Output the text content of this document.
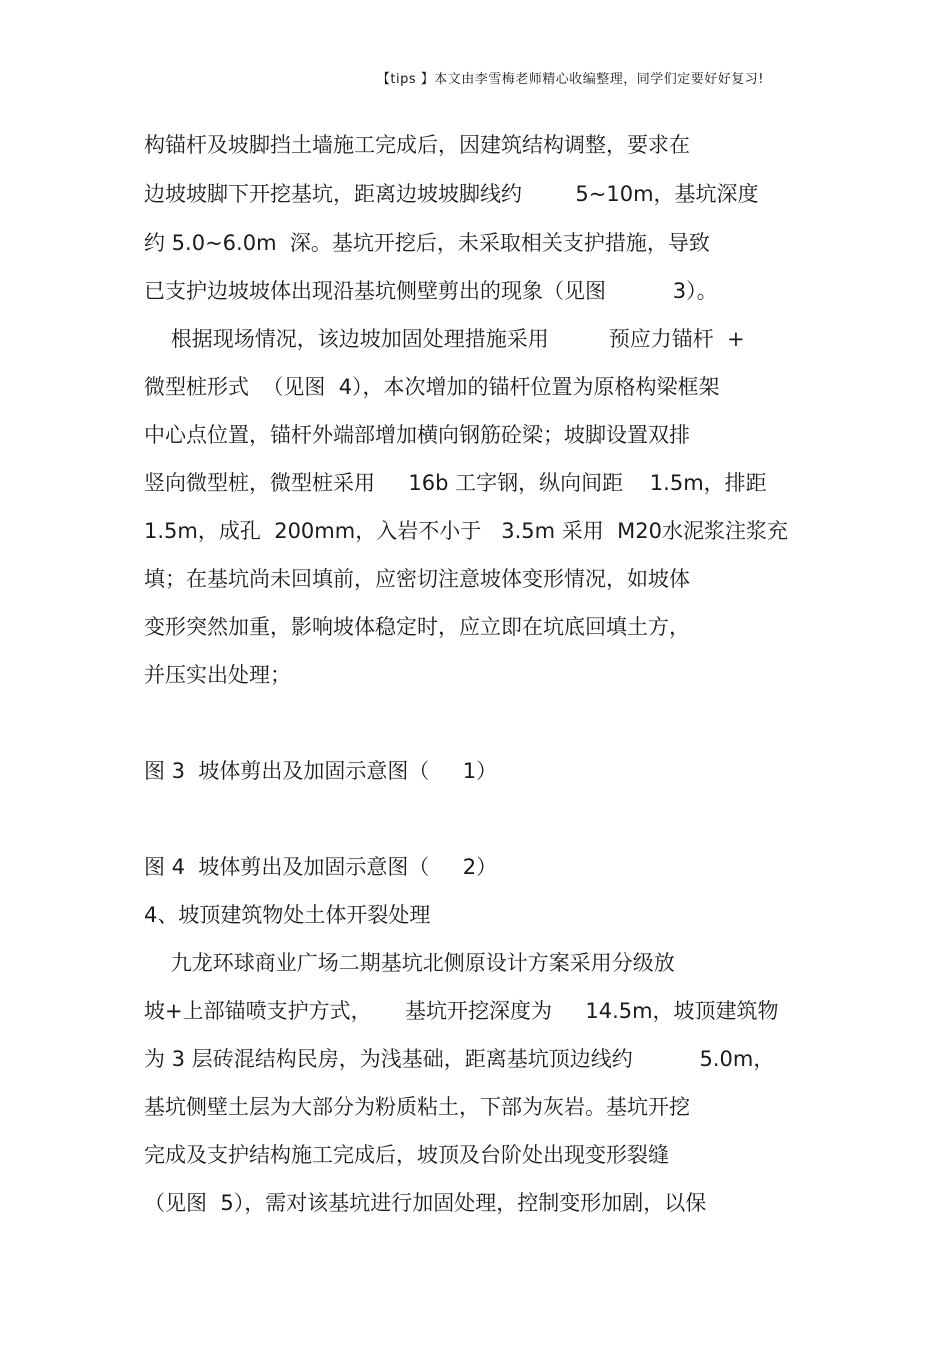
【tips 】本文由李雪梅老师精心收编整理，同学们定要好好复习!
构锚杆及坡脚挡土墙施工完成后，因建筑结构调整，要求在
边坡坡脚下开挖基坑，距离边坡坡脚线约        5~10m，基坑深度
约 5.0~6.0m  深。基坑开挖后，未采取相关支护措施，导致
已支护边坡坡体出现沿基坑侧壁剪出的现象（见图          3）。
根据现场情况，该边坡加固处理措施采用         预应力锚杆  +
微型桩形式  （见图  4），本次增加的锚杆位置为原格构梁框架
中心点位置，锚杆外端部增加横向钢筋砼梁；坡脚设置双排
竖向微型桩，微型桩采用     16b 工字钢，纵向间距    1.5m，排距
1.5m，成孔  200mm，入岩不小于   3.5m 采用  M20水泥浆注浆充
填；在基坑尚未回填前，应密切注意坡体变形情况，如坡体
变形突然加重，影响坡体稳定时，应立即在坑底回填土方，
并压实出处理；
图 3  坡体剪出及加固示意图（     1）
图 4  坡体剪出及加固示意图（     2）
4、坡顶建筑物处土体开裂处理
九龙环球商业广场二期基坑北侧原设计方案采用分级放
坡+上部锚喷支护方式，     基坑开挖深度为     14.5m，坡顶建筑物
为 3 层砖混结构民房，为浅基础，距离基坑顶边线约          5.0m，
基坑侧壁土层为大部分为粉质粘土，下部为灰岩。基坑开挖
完成及支护结构施工完成后，坡顶及台阶处出现变形裂缝
（见图  5），需对该基坑进行加固处理，控制变形加剧，以保
